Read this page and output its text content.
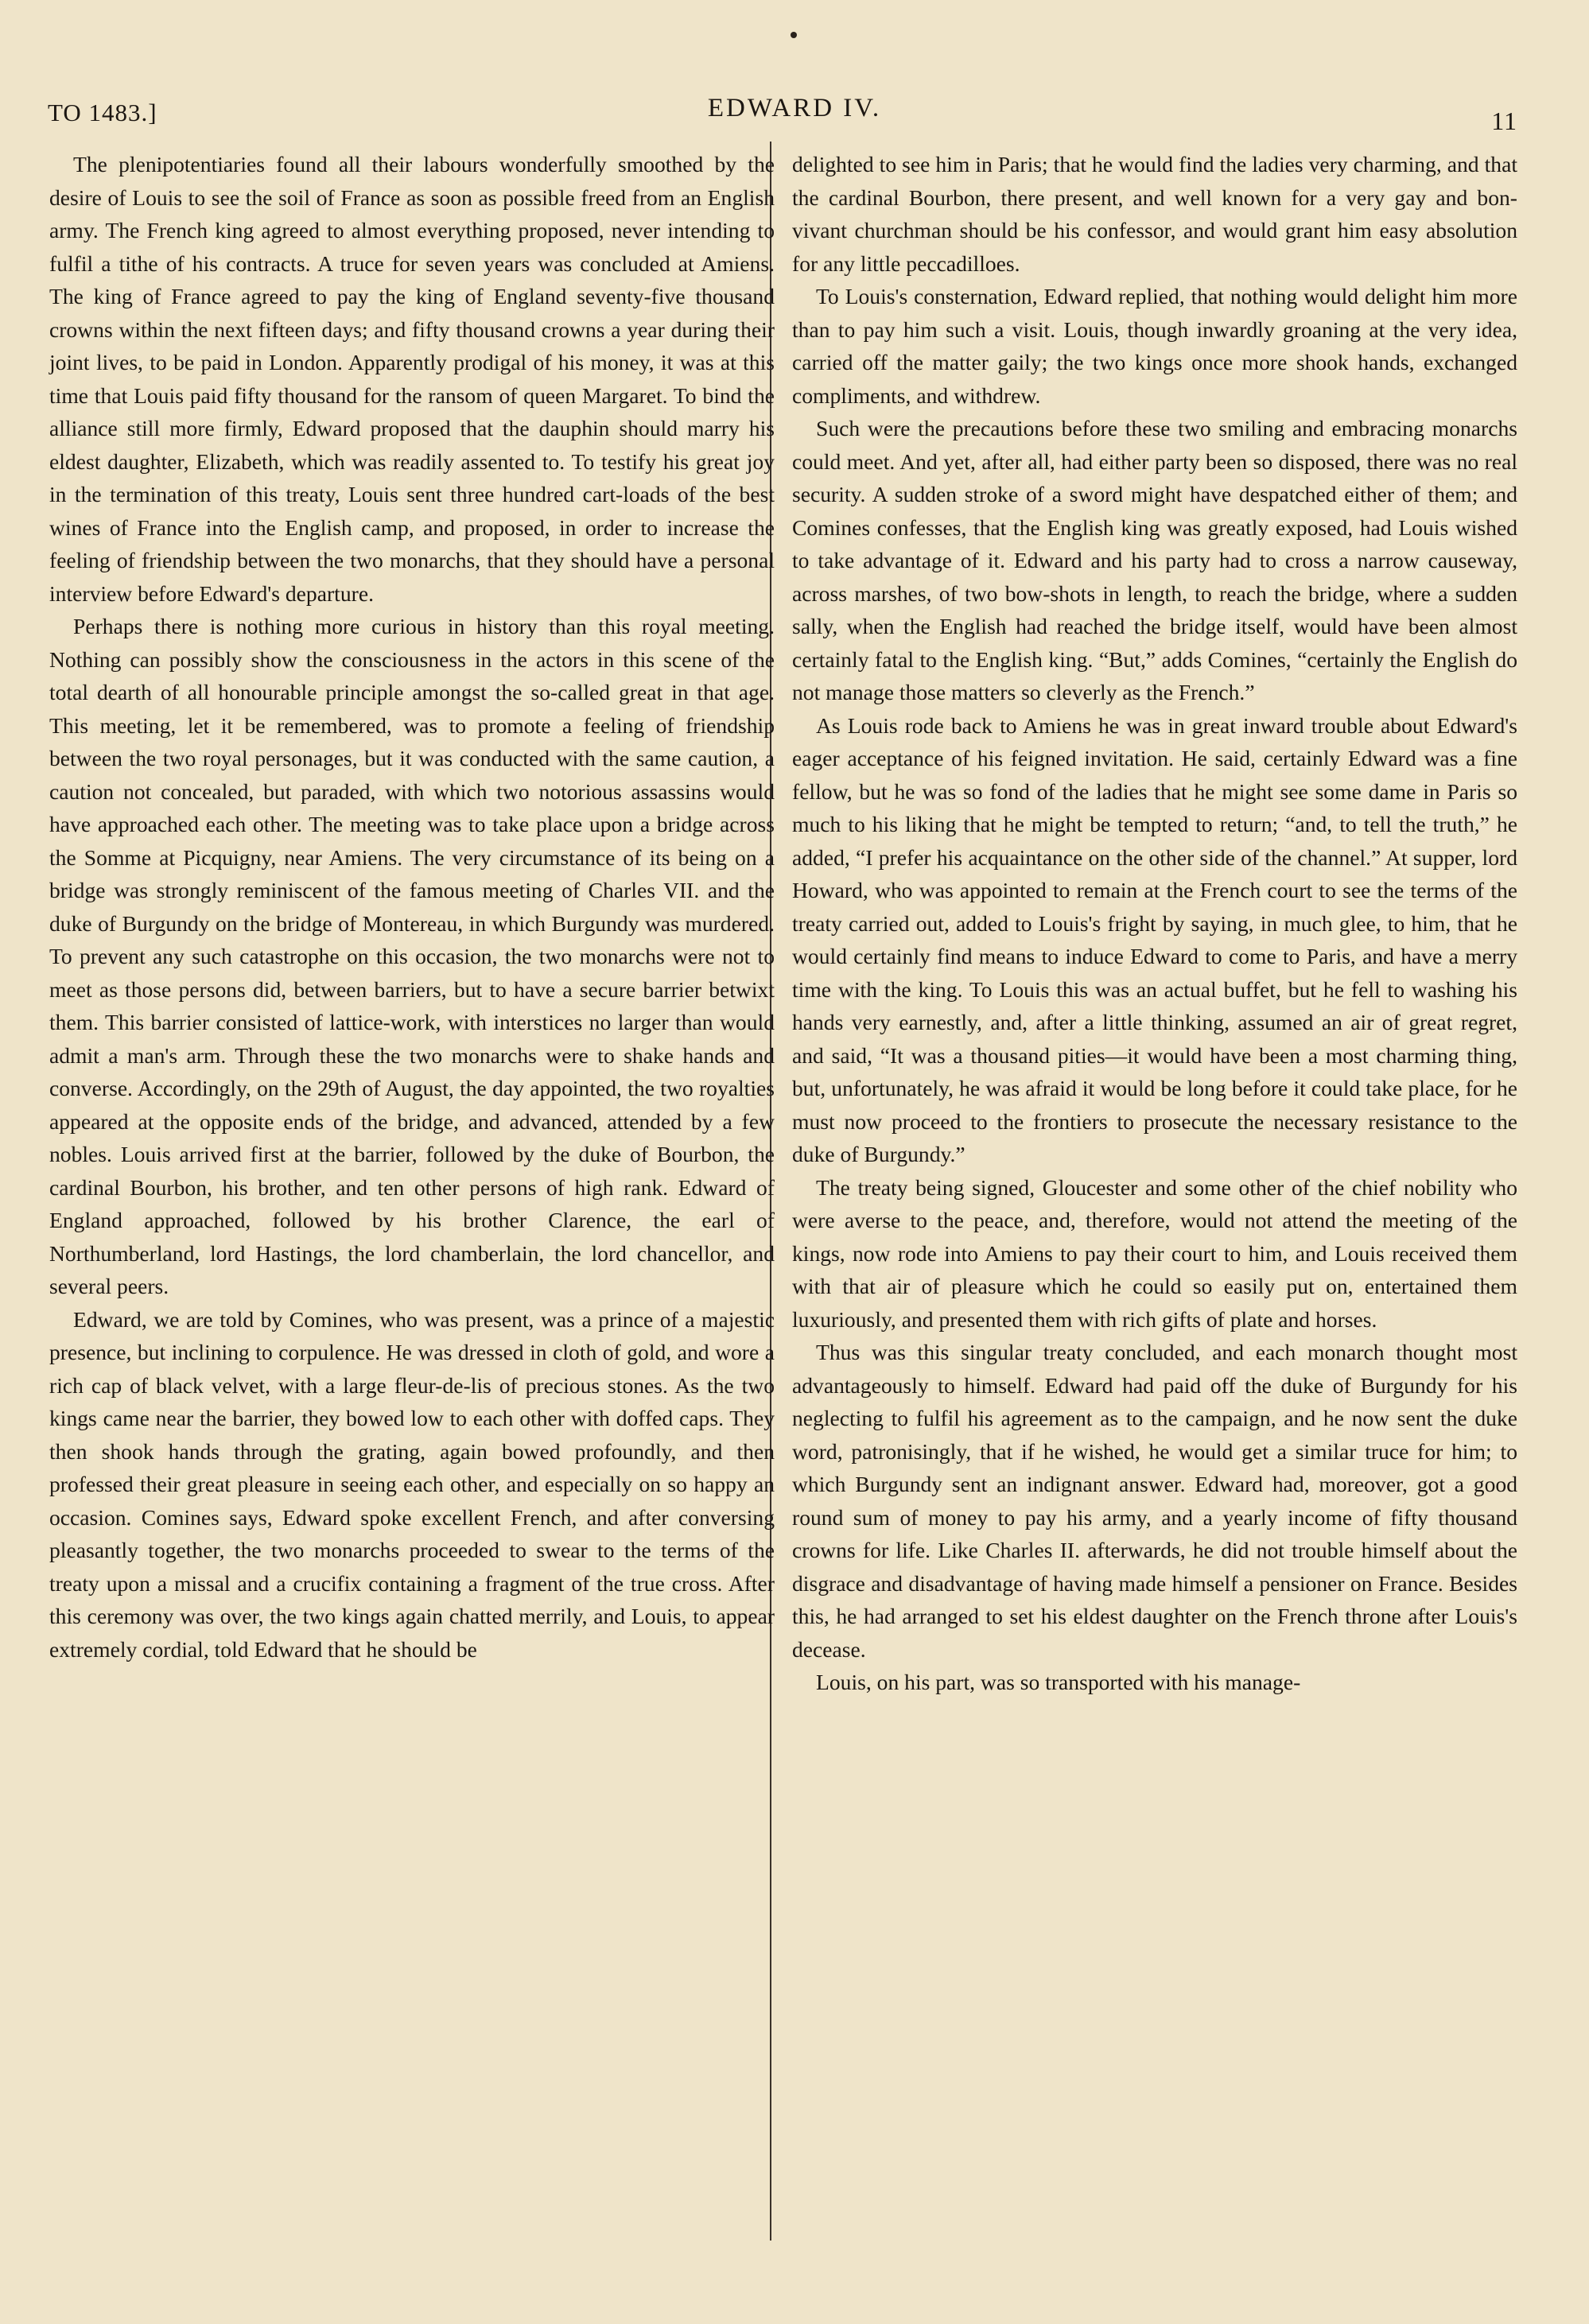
TO 1483.]	EDWARD IV.	11

The plenipotentiaries found all their labours wonderfully smoothed by the desire of Louis to see the soil of France as soon as possible freed from an English army. The French king agreed to almost everything proposed, never intending to fulfil a tithe of his contracts. A truce for seven years was concluded at Amiens. The king of France agreed to pay the king of England seventy-five thousand crowns within the next fifteen days; and fifty thousand crowns a year during their joint lives, to be paid in London. Apparently prodigal of his money, it was at this time that Louis paid fifty thousand for the ransom of queen Margaret. To bind the alliance still more firmly, Edward proposed that the dauphin should marry his eldest daughter, Elizabeth, which was readily assented to. To testify his great joy in the termination of this treaty, Louis sent three hundred cart-loads of the best wines of France into the English camp, and proposed, in order to increase the feeling of friendship between the two monarchs, that they should have a personal interview before Edward's departure.

Perhaps there is nothing more curious in history than this royal meeting. Nothing can possibly show the consciousness in the actors in this scene of the total dearth of all honourable principle amongst the so-called great in that age. This meeting, let it be remembered, was to promote a feeling of friendship between the two royal personages, but it was conducted with the same caution, a caution not concealed, but paraded, with which two notorious assassins would have approached each other. The meeting was to take place upon a bridge across the Somme at Picquigny, near Amiens. The very circumstance of its being on a bridge was strongly reminiscent of the famous meeting of Charles VII. and the duke of Burgundy on the bridge of Montereau, in which Burgundy was murdered. To prevent any such catastrophe on this occasion, the two monarchs were not to meet as those persons did, between barriers, but to have a secure barrier betwixt them. This barrier consisted of lattice-work, with interstices no larger than would admit a man's arm. Through these the two monarchs were to shake hands and converse. Accordingly, on the 29th of August, the day appointed, the two royalties appeared at the opposite ends of the bridge, and advanced, attended by a few nobles. Louis arrived first at the barrier, followed by the duke of Bourbon, the cardinal Bourbon, his brother, and ten other persons of high rank. Edward of England approached, followed by his brother Clarence, the earl of Northumberland, lord Hastings, the lord chamberlain, the lord chancellor, and several peers.

Edward, we are told by Comines, who was present, was a prince of a majestic presence, but inclining to corpulence. He was dressed in cloth of gold, and wore a rich cap of black velvet, with a large fleur-de-lis of precious stones. As the two kings came near the barrier, they bowed low to each other with doffed caps. They then shook hands through the grating, again bowed profoundly, and then professed their great pleasure in seeing each other, and especially on so happy an occasion. Comines says, Edward spoke excellent French, and after conversing pleasantly together, the two monarchs proceeded to swear to the terms of the treaty upon a missal and a crucifix containing a fragment of the true cross. After this ceremony was over, the two kings again chatted merrily, and Louis, to appear extremely cordial, told Edward that he should be

delighted to see him in Paris; that he would find the ladies very charming, and that the cardinal Bourbon, there present, and well known for a very gay and bon-vivant churchman should be his confessor, and would grant him easy absolution for any little peccadilloes.

To Louis's consternation, Edward replied, that nothing would delight him more than to pay him such a visit. Louis, though inwardly groaning at the very idea, carried off the matter gaily; the two kings once more shook hands, exchanged compliments, and withdrew.

Such were the precautions before these two smiling and embracing monarchs could meet. And yet, after all, had either party been so disposed, there was no real security. A sudden stroke of a sword might have despatched either of them; and Comines confesses, that the English king was greatly exposed, had Louis wished to take advantage of it. Edward and his party had to cross a narrow causeway, across marshes, of two bow-shots in length, to reach the bridge, where a sudden sally, when the English had reached the bridge itself, would have been almost certainly fatal to the English king. “But,” adds Comines, “certainly the English do not manage those matters so cleverly as the French.”

As Louis rode back to Amiens he was in great inward trouble about Edward's eager acceptance of his feigned invitation. He said, certainly Edward was a fine fellow, but he was so fond of the ladies that he might see some dame in Paris so much to his liking that he might be tempted to return; “and, to tell the truth,” he added, “I prefer his acquaintance on the other side of the channel.” At supper, lord Howard, who was appointed to remain at the French court to see the terms of the treaty carried out, added to Louis's fright by saying, in much glee, to him, that he would certainly find means to induce Edward to come to Paris, and have a merry time with the king. To Louis this was an actual buffet, but he fell to washing his hands very earnestly, and, after a little thinking, assumed an air of great regret, and said, “It was a thousand pities—it would have been a most charming thing, but, unfortunately, he was afraid it would be long before it could take place, for he must now proceed to the frontiers to prosecute the necessary resistance to the duke of Burgundy.”

The treaty being signed, Gloucester and some other of the chief nobility who were averse to the peace, and, therefore, would not attend the meeting of the kings, now rode into Amiens to pay their court to him, and Louis received them with that air of pleasure which he could so easily put on, entertained them luxuriously, and presented them with rich gifts of plate and horses.

Thus was this singular treaty concluded, and each monarch thought most advantageously to himself. Edward had paid off the duke of Burgundy for his neglecting to fulfil his agreement as to the campaign, and he now sent the duke word, patronisingly, that if he wished, he would get a similar truce for him; to which Burgundy sent an indignant answer. Edward had, moreover, got a good round sum of money to pay his army, and a yearly income of fifty thousand crowns for life. Like Charles II. afterwards, he did not trouble himself about the disgrace and disadvantage of having made himself a pensioner on France. Besides this, he had arranged to set his eldest daughter on the French throne after Louis's decease.

Louis, on his part, was so transported with his manage-
